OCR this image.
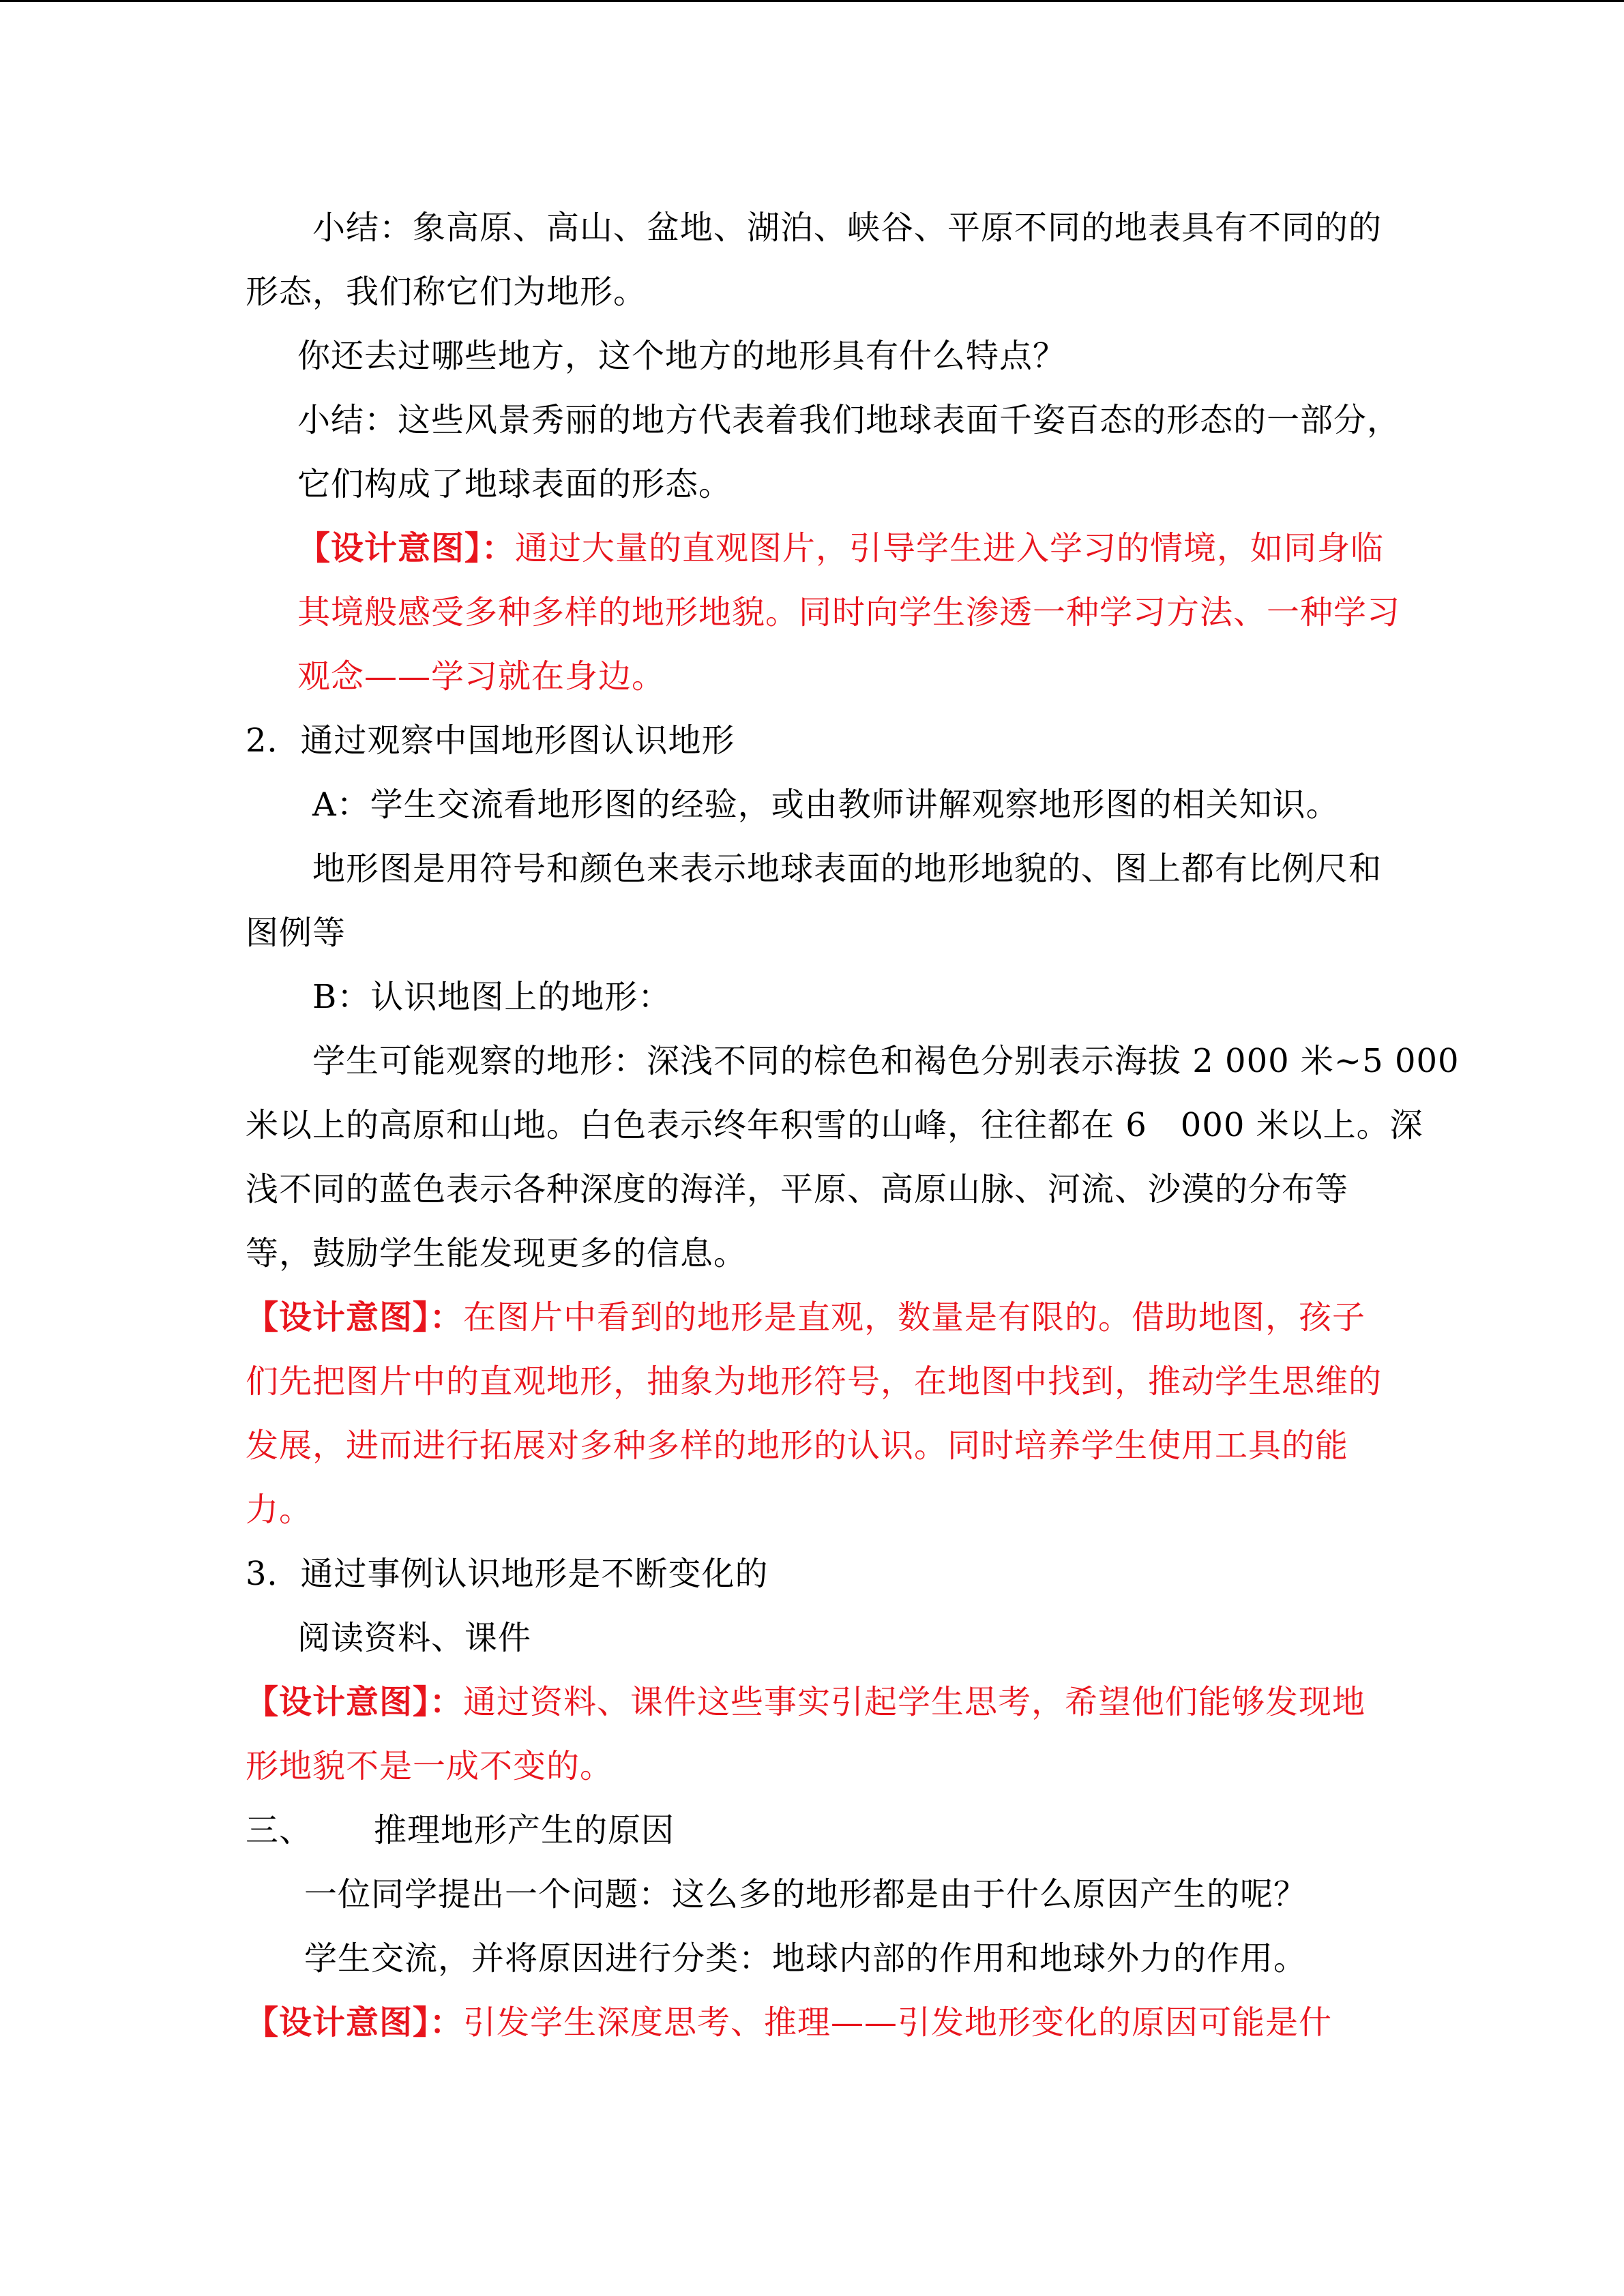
小结：象高原、高山、盆地、湖泊、峡谷、平原不同的地表具有不同的的
形态，我们称它们为地形。
你还去过哪些地方，这个地方的地形具有什么特点？
小结：这些风景秀丽的地方代表着我们地球表面千姿百态的形态的一部分，
它们构成了地球表面的形态。
【设计意图】：通过大量的直观图片，引导学生进入学习的情境，如同身临
其境般感受多种多样的地形地貌。同时向学生渗透一种学习方法、一种学习
观念——学习就在身边。
2．通过观察中国地形图认识地形
A：学生交流看地形图的经验，或由教师讲解观察地形图的相关知识。
地形图是用符号和颜色来表示地球表面的地形地貌的、图上都有比例尺和
图例等
B：认识地图上的地形：
学生可能观察的地形：深浅不同的棕色和褐色分别表示海拔 2 000 米~5 000
米以上的高原和山地。白色表示终年积雪的山峰，往往都在 6　000 米以上。深
浅不同的蓝色表示各种深度的海洋，平原、高原山脉、河流、沙漠的分布等
等，鼓励学生能发现更多的信息。
【设计意图】：在图片中看到的地形是直观，数量是有限的。借助地图，孩子
们先把图片中的直观地形，抽象为地形符号，在地图中找到，推动学生思维的
发展，进而进行拓展对多种多样的地形的认识。同时培养学生使用工具的能
力。
3．通过事例认识地形是不断变化的
阅读资料、课件
【设计意图】：通过资料、课件这些事实引起学生思考，希望他们能够发现地
形地貌不是一成不变的。
三、 推理地形产生的原因
一位同学提出一个问题：这么多的地形都是由于什么原因产生的呢？
学生交流，并将原因进行分类：地球内部的作用和地球外力的作用。
【设计意图】：引发学生深度思考、推理——引发地形变化的原因可能是什
